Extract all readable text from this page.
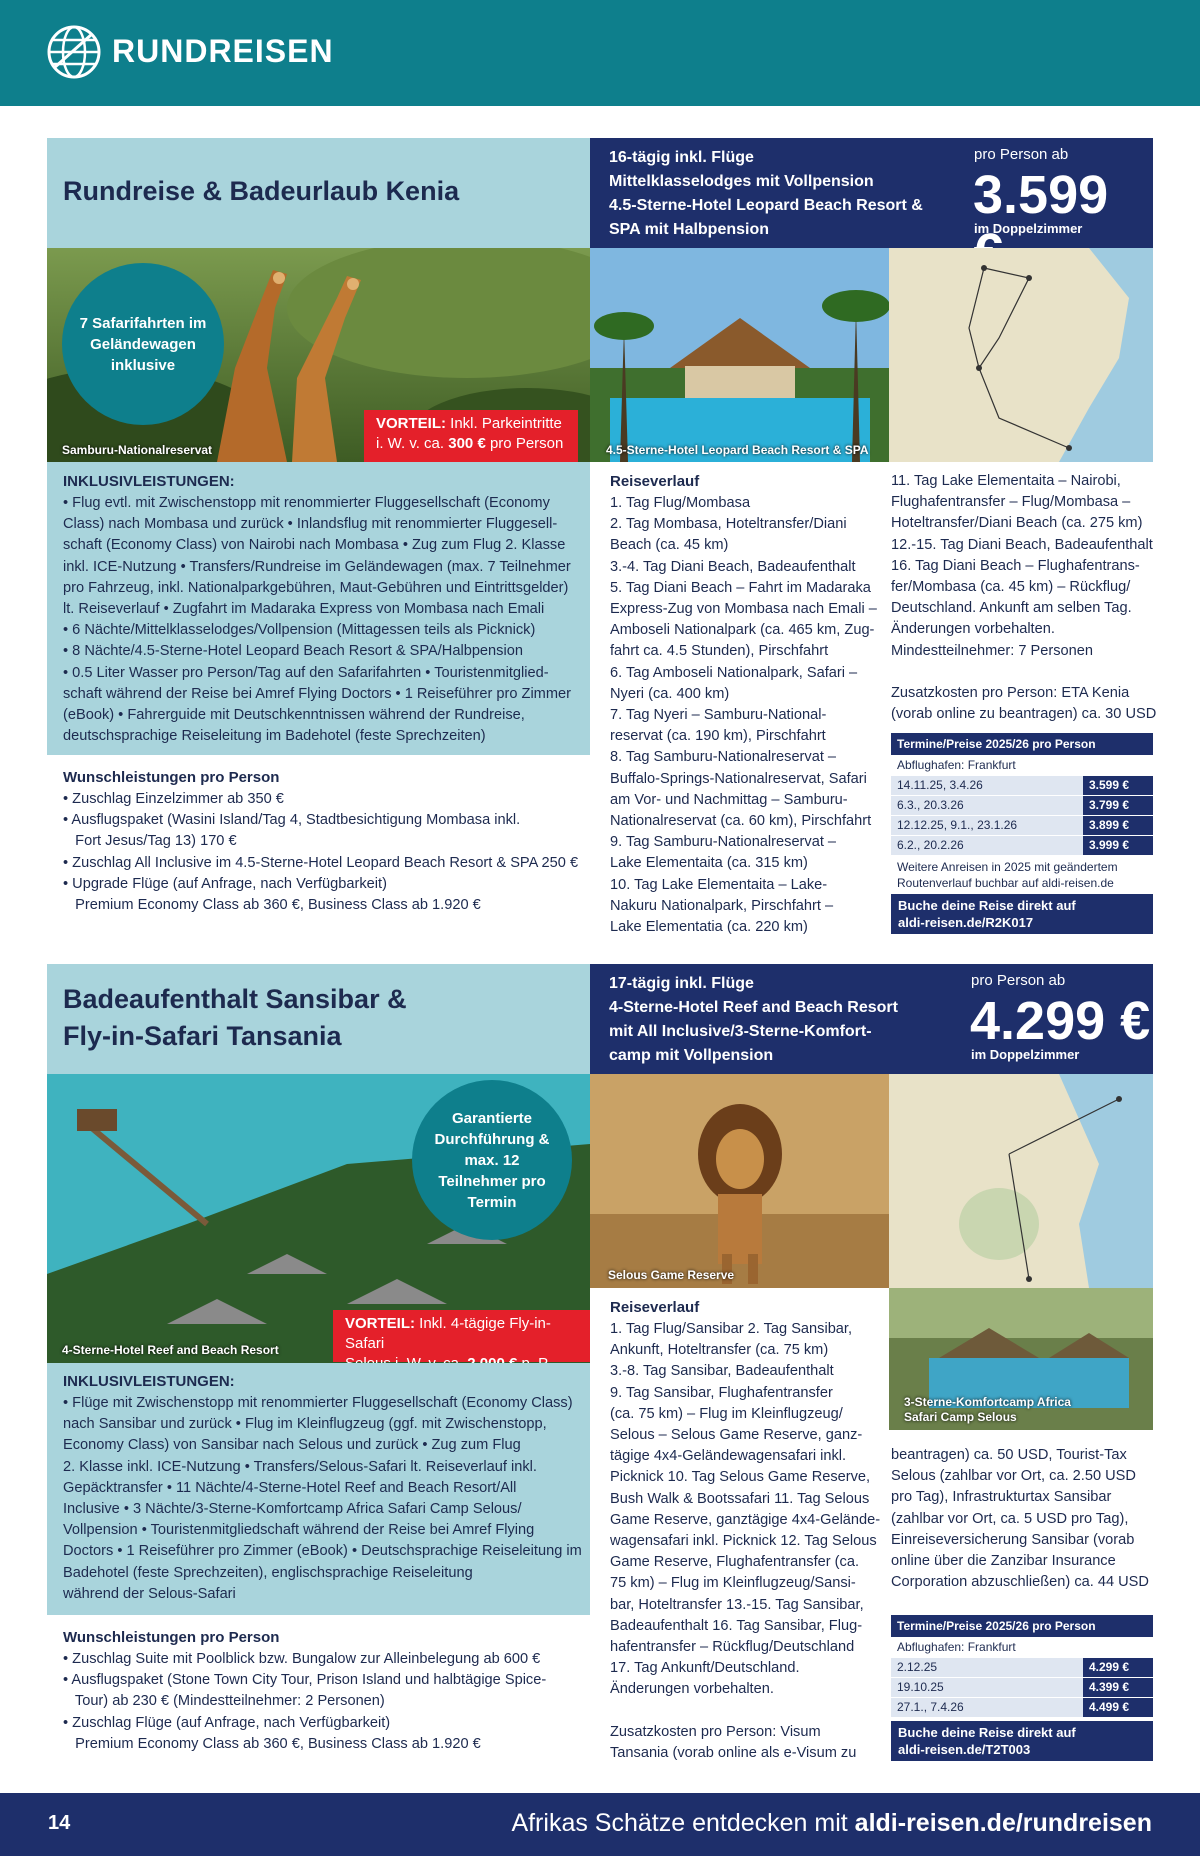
RUNDREISEN
Rundreise & Badeurlaub Kenia
16-tägig inkl. Flüge
Mittelklasselodges mit Vollpension
4.5-Sterne-Hotel Leopard Beach Resort &
SPA mit Halbpension
pro Person ab
3.599
im Doppelzimmer
7 Safarifahrten im Geländewagen inklusive
Samburu-Nationalreservat
VORTEIL: Inkl. Parkeintritte
i. W. v. ca. 300 € pro Person	4.5-Sterne-Hotel Leopard Beach Resort & SPA
INKLUSIVLEISTUNGEN:
• Flug evtl. mit Zwischenstopp mit renommierter Fluggesellschaft (Economy
Class) nach Mombasa und zurück • Inlandsflug mit renommierter Fluggesell-
schaft (Economy Class) von Nairobi nach Mombasa • Zug zum Flug 2. Klasse
inkl. ICE-Nutzung • Transfers/Rundreise im Geländewagen (max. 7 Teilnehmer
pro Fahrzeug, inkl. Nationalparkgebühren, Maut-Gebühren und Eintrittsgelder)
lt. Reiseverlauf • Zugfahrt im Madaraka Express von Mombasa nach Emali
• 6 Nächte/Mittelklasselodges/Vollpension (Mittagessen teils als Picknick)
• 8 Nächte/4.5-Sterne-Hotel Leopard Beach Resort & SPA/Halbpension
• 0.5 Liter Wasser pro Person/Tag auf den Safarifahrten • Touristenmitglied-
schaft während der Reise bei Amref Flying Doctors • 1 Reiseführer pro Zimmer
(eBook) • Fahrerguide mit Deutschkenntnissen während der Rundreise,
deutschsprachige Reiseleitung im Badehotel (feste Sprechzeiten)
Wunschleistungen pro Person
• Zuschlag Einzelzimmer ab 350 €
• Ausflugspaket (Wasini Island/Tag 4, Stadtbesichtigung Mombasa inkl.
Fort Jesus/Tag 13) 170 €
• Zuschlag All Inclusive im 4.5-Sterne-Hotel Leopard Beach Resort & SPA 250 €
• Upgrade Flüge (auf Anfrage, nach Verfügbarkeit)
Premium Economy Class ab 360 €, Business Class ab 1.920 €
Reiseverlauf
1. Tag Flug/Mombasa
2. Tag Mombasa, Hoteltransfer/Diani
Beach (ca. 45 km)
3.-4. Tag Diani Beach, Badeaufenthalt
5. Tag Diani Beach – Fahrt im Madaraka
Express-Zug von Mombasa nach Emali –
Amboseli Nationalpark (ca. 465 km, Zug-
fahrt ca. 4.5 Stunden), Pirschfahrt
6. Tag Amboseli Nationalpark, Safari –
Nyeri (ca. 400 km)
7. Tag Nyeri – Samburu-National-
reservat (ca. 190 km), Pirschfahrt
8. Tag Samburu-Nationalreservat –
Buffalo-Springs-Nationalreservat, Safari
am Vor- und Nachmittag – Samburu-
Nationalreservat (ca. 60 km), Pirschfahrt
9. Tag Samburu-Nationalreservat –
Lake Elementaita (ca. 315 km)
10. Tag Lake Elementaita – Lake-
Nakuru Nationalpark, Pirschfahrt –
Lake Elementatia (ca. 220 km)
11. Tag Lake Elementaita – Nairobi,
Flughafentransfer – Flug/Mombasa –
Hoteltransfer/Diani Beach (ca. 275 km)
12.-15. Tag Diani Beach, Badeaufenthalt
16. Tag Diani Beach – Flughafentrans-
fer/Mombasa (ca. 45 km) – Rückflug/
Deutschland. Ankunft am selben Tag.
Änderungen vorbehalten.
Mindestteilnehmer: 7 Personen
Zusatzkosten pro Person: ETA Kenia
(vorab online zu beantragen) ca. 30 USD
Termine/Preise 2025/26 pro Person	
Abflughafen: Frankfurt	
14.11.25, 3.4.26	3.599 €
6.3., 20.3.26	3.799 €
12.12.25, 9.1., 23.1.26	3.899 €
6.2., 20.2.26	3.999 €
Weitere Anreisen in 2025 mit geändertem
Routenverlauf buchbar auf aldi-reisen.de
Buche deine Reise direkt auf
aldi-reisen.de/R2K017
Badeaufenthalt Sansibar &
Fly-in-Safari Tansania
17-tägig inkl. Flüge
4-Sterne-Hotel Reef and Beach Resort
mit All Inclusive/3-Sterne-Komfort-
camp mit Vollpension
pro Person ab
4.299 €
im Doppelzimmer
Garantierte Durchführung & max. 12 Teilnehmer pro Termin
4-Sterne-Hotel Reef and Beach Resort
VORTEIL: Inkl. 4-tägige Fly-in-Safari
Selous Game Reserve
3-Sterne-Komfortcamp Africa
Safari Camp Selous
INKLUSIVLEISTUNGEN:
• Flüge mit Zwischenstopp mit renommierter Fluggesellschaft (Economy Class)
nach Sansibar und zurück • Flug im Kleinflugzeug (ggf. mit Zwischenstopp,
Economy Class) von Sansibar nach Selous und zurück • Zug zum Flug
2. Klasse inkl. ICE-Nutzung • Transfers/Selous-Safari lt. Reiseverlauf inkl.
Gepäcktransfer • 11 Nächte/4-Sterne-Hotel Reef and Beach Resort/All
Inclusive • 3 Nächte/3-Sterne-Komfortcamp Africa Safari Camp Selous/
Vollpension • Touristenmitgliedschaft während der Reise bei Amref Flying
Doctors • 1 Reiseführer pro Zimmer (eBook) • Deutschsprachige Reiseleitung im
Badehotel (feste Sprechzeiten), englischsprachige Reiseleitung
während der Selous-Safari
Wunschleistungen pro Person
• Zuschlag Suite mit Poolblick bzw. Bungalow zur Alleinbelegung ab 600 €
• Ausflugspaket (Stone Town City Tour, Prison Island und halbtägige Spice-
Tour) ab 230 € (Mindestteilnehmer: 2 Personen)
• Zuschlag Flüge (auf Anfrage, nach Verfügbarkeit)
Premium Economy Class ab 360 €, Business Class ab 1.920 €
Reiseverlauf
1. Tag Flug/Sansibar 2. Tag Sansibar,
Ankunft, Hoteltransfer (ca. 75 km)
3.-8. Tag Sansibar, Badeaufenthalt
9. Tag Sansibar, Flughafentransfer
(ca. 75 km) – Flug im Kleinflugzeug/
Selous – Selous Game Reserve, ganz-
tägige 4x4-Geländewagensafari inkl.
Picknick 10. Tag Selous Game Reserve,
Bush Walk & Bootssafari 11. Tag Selous
Game Reserve, ganztägige 4x4-Gelände-
wagensafari inkl. Picknick 12. Tag Selous
Game Reserve, Flughafentransfer (ca.
75 km) – Flug im Kleinflugzeug/Sansi-
bar, Hoteltransfer 13.-15. Tag Sansibar,
Badeaufenthalt 16. Tag Sansibar, Flug-
hafentransfer – Rückflug/Deutschland
17. Tag Ankunft/Deutschland.
Änderungen vorbehalten.
Zusatzkosten pro Person: Visum
Tansania (vorab online als e-Visum zu
beantragen) ca. 50 USD, Tourist-Tax
Selous (zahlbar vor Ort, ca. 2.50 USD
pro Tag), Infrastrukturtax Sansibar
(zahlbar vor Ort, ca. 5 USD pro Tag),
Einreiseversicherung Sansibar (vorab
online über die Zanzibar Insurance
Corporation abzuschließen) ca. 44 USD
Termine/Preise 2025/26 pro Person	
Abflughafen: Frankfurt	
2.12.25	4.299 €
19.10.25	4.399 €
27.1., 7.4.26	4.499 €
Buche deine Reise direkt auf
aldi-reisen.de/T2T003
14	Afrikas Schätze entdecken mit aldi-reisen.de/rundreisen
